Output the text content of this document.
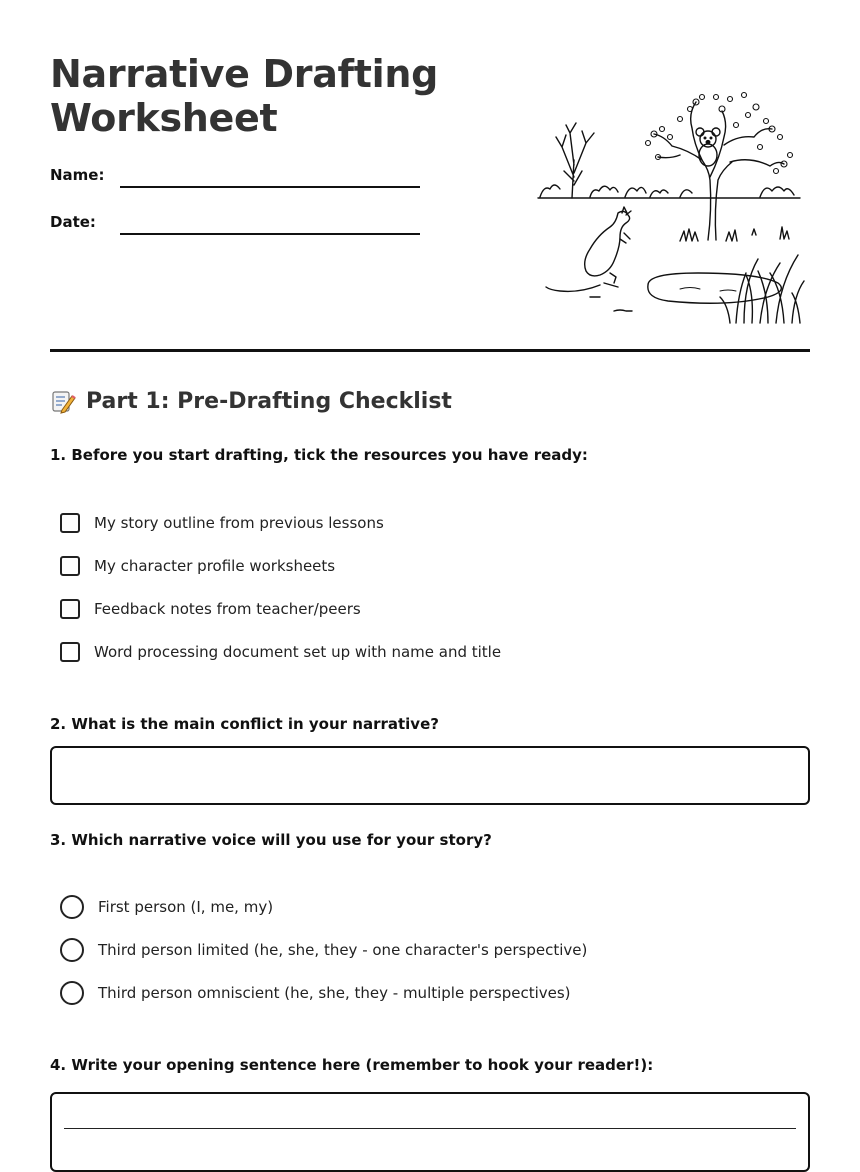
Narrative Drafting
Worksheet
Name:
Date:
Part 1: Pre-Drafting Checklist
1. Before you start drafting, tick the resources you have ready:
My story outline from previous lessons
My character profile worksheets
Feedback notes from teacher/peers
Word processing document set up with name and title
2. What is the main conflict in your narrative?
3. Which narrative voice will you use for your story?
First person (I, me, my)
Third person limited (he, she, they - one character's perspective)
Third person omniscient (he, she, they - multiple perspectives)
4. Write your opening sentence here (remember to hook your reader!):
